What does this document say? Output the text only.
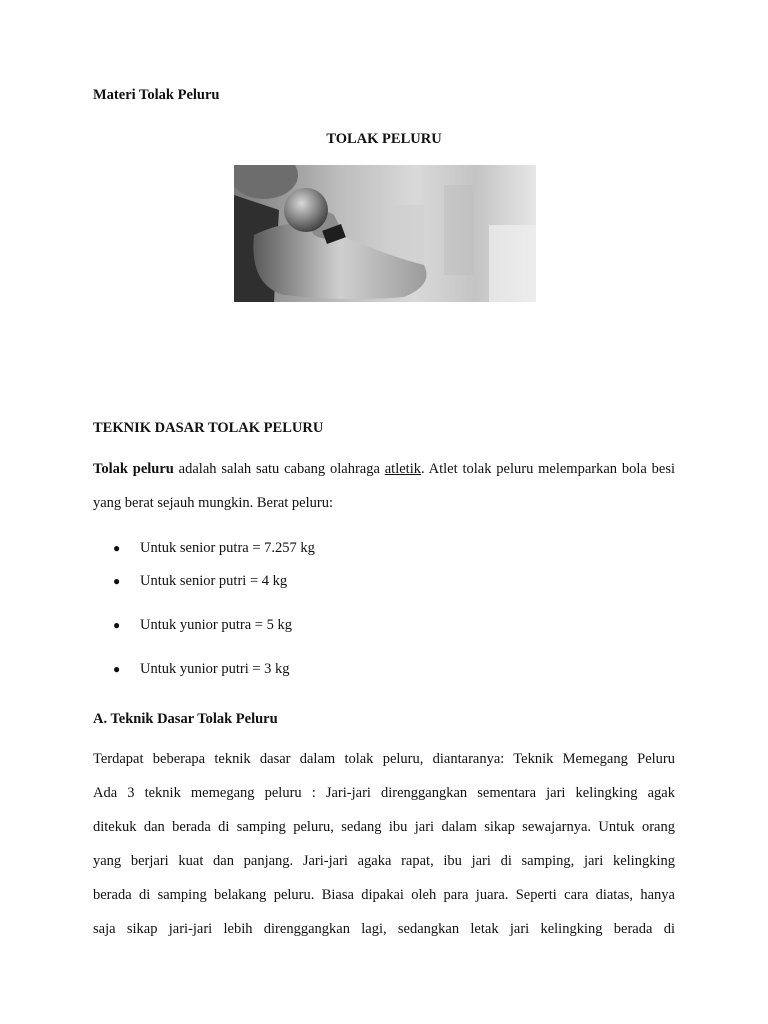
Materi Tolak Peluru

TOLAK PELURU

TEKNIK DASAR TOLAK PELURU

Tolak peluru adalah salah satu cabang olahraga atletik. Atlet tolak peluru melemparkan bola besi yang berat sejauh mungkin. Berat peluru:

● Untuk senior putra = 7.257 kg
● Untuk senior putri = 4 kg
● Untuk yunior putra = 5 kg
● Untuk yunior putri = 3 kg

A. Teknik Dasar Tolak Peluru

Terdapat beberapa teknik dasar dalam tolak peluru, diantaranya: Teknik Memegang Peluru
Ada 3 teknik memegang peluru : Jari-jari direnggangkan sementara jari kelingking agak
ditekuk dan berada di samping peluru, sedang ibu jari dalam sikap sewajarnya. Untuk orang
yang berjari kuat dan panjang. Jari-jari agaka rapat, ibu jari di samping, jari kelingking
berada di samping belakang peluru. Biasa dipakai oleh para juara. Seperti cara diatas, hanya
saja sikap jari-jari lebih direnggangkan lagi, sedangkan letak jari kelingking berada di
